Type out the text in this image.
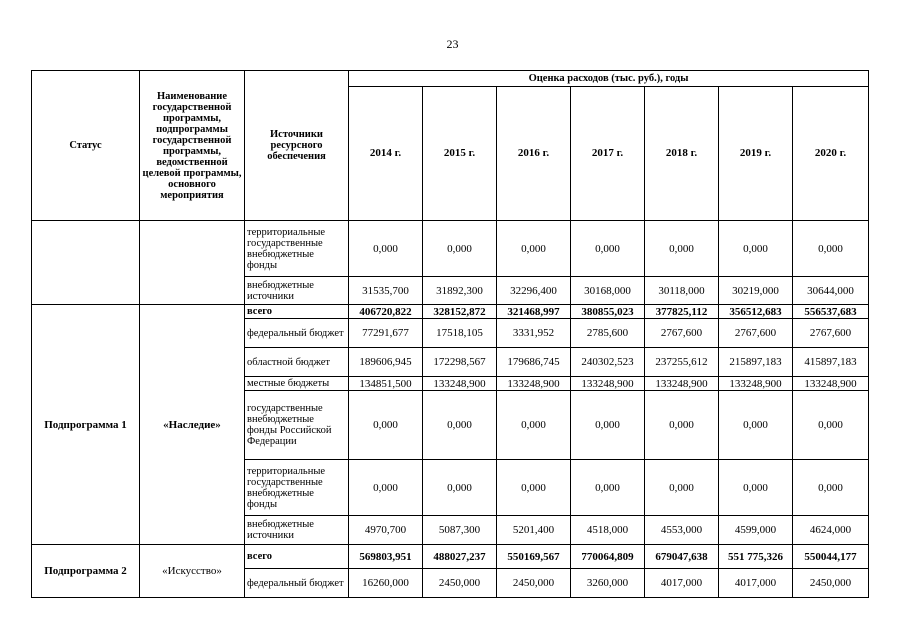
23
Статус	Наименование государственной программы, подпрограммы государственной программы, ведомственной целевой программы, основного мероприятия	Источники ресурсного обеспечения	Оценка расходов (тыс. руб.), годы						
			2014 г.	2015 г.	2016 г.	2017 г.	2018 г.	2019 г.	2020 г.
		территориальные государственные внебюджетные фонды	0,000	0,000	0,000	0,000	0,000	0,000	0,000
		внебюджетные источники	31535,700	31892,300	32296,400	30168,000	30118,000	30219,000	30644,000
Подпрограмма 1	«Наследие»	всего	406720,822	328152,872	321468,997	380855,023	377825,112	356512,683	556537,683
		федеральный бюджет	77291,677	17518,105	3331,952	2785,600	2767,600	2767,600	2767,600
		областной бюджет	189606,945	172298,567	179686,745	240302,523	237255,612	215897,183	415897,183
		местные бюджеты	134851,500	133248,900	133248,900	133248,900	133248,900	133248,900	133248,900
		государственные внебюджетные фонды Российской Федерации	0,000	0,000	0,000	0,000	0,000	0,000	0,000
		территориальные государственные внебюджетные фонды	0,000	0,000	0,000	0,000	0,000	0,000	0,000
		внебюджетные источники	4970,700	5087,300	5201,400	4518,000	4553,000	4599,000	4624,000
Подпрограмма 2	«Искусство»	всего	569803,951	488027,237	550169,567	770064,809	679047,638	551 775,326	550044,177
		федеральный бюджет	16260,000	2450,000	2450,000	3260,000	4017,000	4017,000	2450,000
